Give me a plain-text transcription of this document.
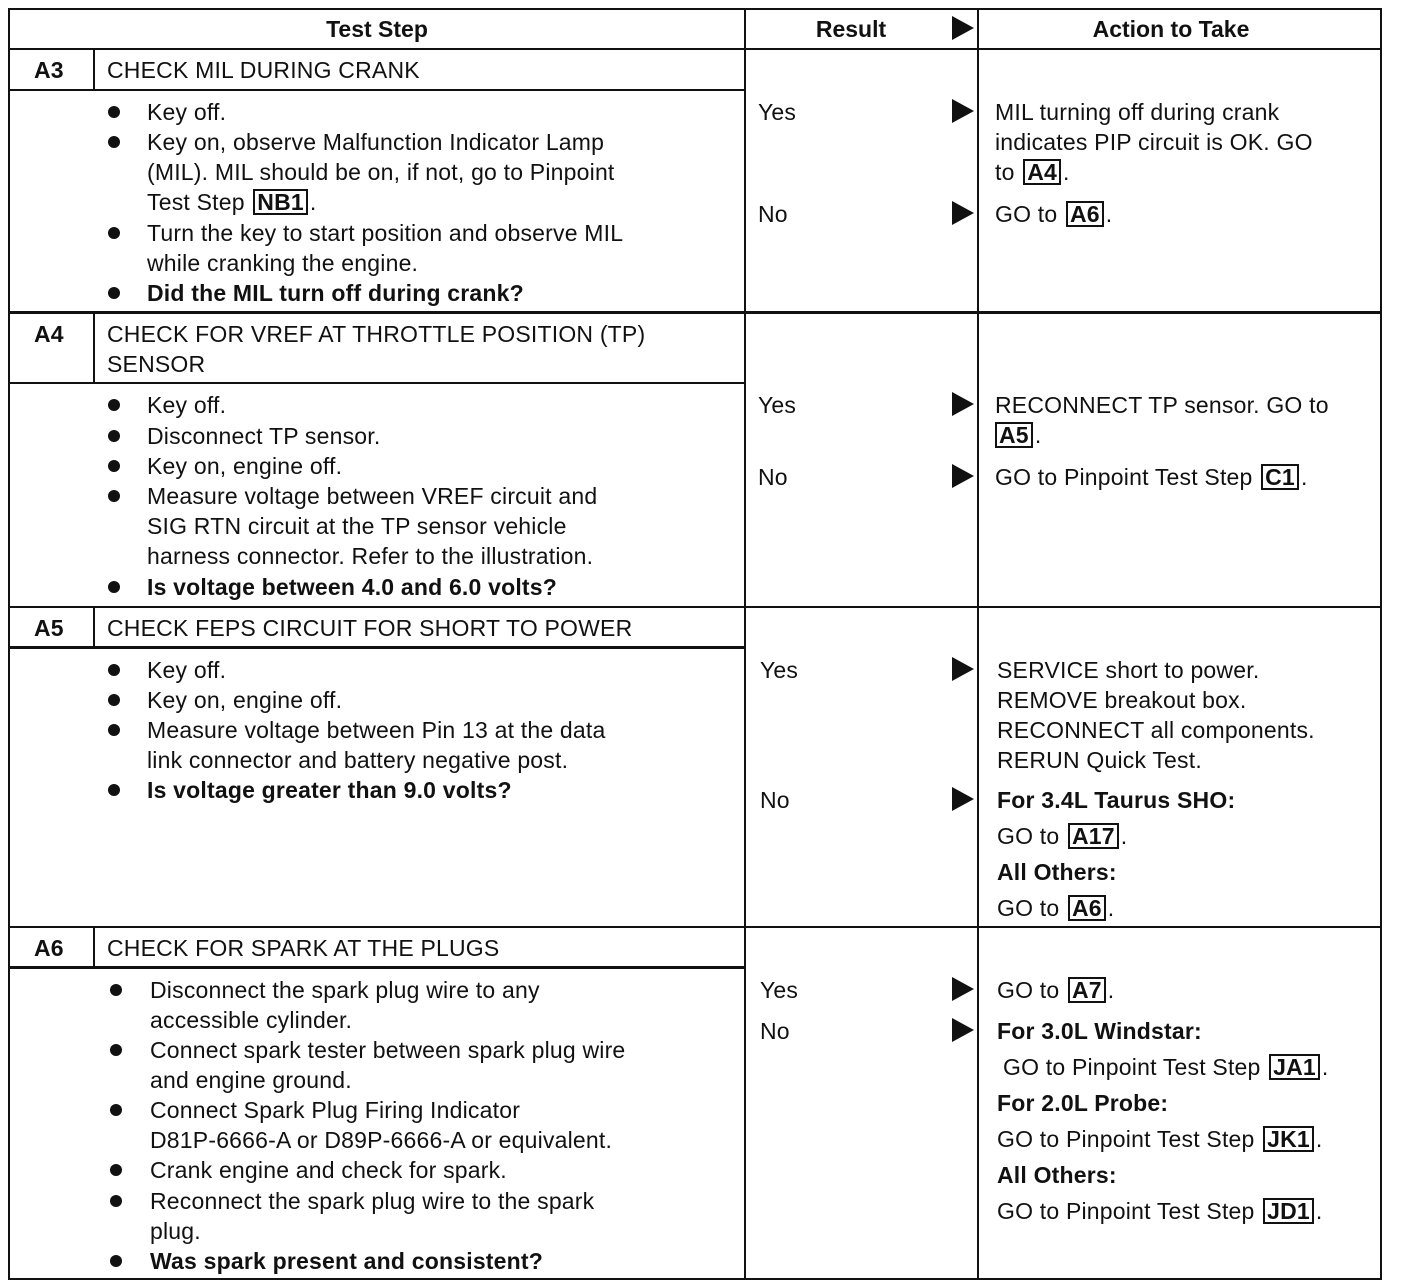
Test Step	Result	Action to Take
A3 CHECK MIL DURING CRANK
Key off.
Key on, observe Malfunction Indicator Lamp
(MIL). MIL should be on, if not, go to Pinpoint
Test Step NB1 .
Turn the key to start position and observe MIL
while cranking the engine.
Did the MIL turn off during crank?
Yes
No
MIL turning off during crank
indicates PIP circuit is OK. GO
to A4 .
GO to A6 .
A4 CHECK FOR VREF AT THROTTLE POSITION (TP)
SENSOR
Key off.
Disconnect TP sensor.
Key on, engine off.
Measure voltage between VREF circuit and
SIG RTN circuit at the TP sensor vehicle
harness connector. Refer to the illustration.
Is voltage between 4.0 and 6.0 volts?
Yes
No
RECONNECT TP sensor. GO to
A5 .
GO to Pinpoint Test Step C1 .
A5 CHECK FEPS CIRCUIT FOR SHORT TO POWER
Key off.
Key on, engine off.
Measure voltage between Pin 13 at the data
link connector and battery negative post.
Is voltage greater than 9.0 volts?
Yes
No
SERVICE short to power.
REMOVE breakout box.
RECONNECT all components.
RERUN Quick Test.
For 3.4L Taurus SHO:
GO to A17 .
All Others:
GO to A6 .
A6 CHECK FOR SPARK AT THE PLUGS
Disconnect the spark plug wire to any
accessible cylinder.
Connect spark tester between spark plug wire
and engine ground.
Connect Spark Plug Firing Indicator
D81P-6666-A or D89P-6666-A or equivalent.
Crank engine and check for spark.
Reconnect the spark plug wire to the spark
plug.
Was spark present and consistent?
Yes
No
GO to A7 .
For 3.0L Windstar:
GO to Pinpoint Test Step JA1 .
For 2.0L Probe:
GO to Pinpoint Test Step JK1 .
All Others:
GO to Pinpoint Test Step JD1 .
